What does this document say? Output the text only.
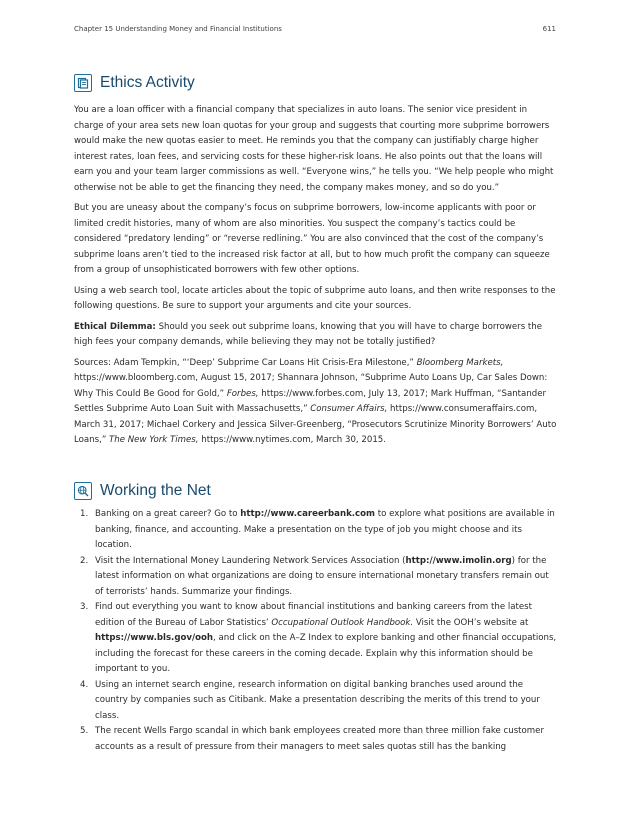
Chapter 15 Understanding Money and Financial Institutions	611
Ethics Activity

You are a loan officer with a financial company that specializes in auto loans. The senior vice president in charge of your area sets new loan quotas for your group and suggests that courting more subprime borrowers would make the new quotas easier to meet. He reminds you that the company can justifiably charge higher interest rates, loan fees, and servicing costs for these higher-risk loans. He also points out that the loans will earn you and your team larger commissions as well. “Everyone wins,” he tells you. “We help people who might otherwise not be able to get the financing they need, the company makes money, and so do you.”

But you are uneasy about the company’s focus on subprime borrowers, low-income applicants with poor or limited credit histories, many of whom are also minorities. You suspect the company’s tactics could be considered “predatory lending” or “reverse redlining.” You are also convinced that the cost of the company’s subprime loans aren’t tied to the increased risk factor at all, but to how much profit the company can squeeze from a group of unsophisticated borrowers with few other options.

Using a web search tool, locate articles about the topic of subprime auto loans, and then write responses to the following questions. Be sure to support your arguments and cite your sources.

Ethical Dilemma: Should you seek out subprime loans, knowing that you will have to charge borrowers the high fees your company demands, while believing they may not be totally justified?

Sources: Adam Tempkin, “‘Deep’ Subprime Car Loans Hit Crisis-Era Milestone,” Bloomberg Markets, https://www.bloomberg.com, August 15, 2017; Shannara Johnson, “Subprime Auto Loans Up, Car Sales Down: Why This Could Be Good for Gold,” Forbes, https://www.forbes.com, July 13, 2017; Mark Huffman, “Santander Settles Subprime Auto Loan Suit with Massachusetts,” Consumer Affairs, https://www.consumeraffairs.com, March 31, 2017; Michael Corkery and Jessica Silver-Greenberg, “Prosecutors Scrutinize Minority Borrowers’ Auto Loans,” The New York Times, https://www.nytimes.com, March 30, 2015.

Working the Net
1. Banking on a great career? Go to http://www.careerbank.com to explore what positions are available in banking, finance, and accounting. Make a presentation on the type of job you might choose and its location.
2. Visit the International Money Laundering Network Services Association (http://www.imolin.org) for the latest information on what organizations are doing to ensure international monetary transfers remain out of terrorists’ hands. Summarize your findings.
3. Find out everything you want to know about financial institutions and banking careers from the latest edition of the Bureau of Labor Statistics’ Occupational Outlook Handbook. Visit the OOH’s website at https://www.bls.gov/ooh, and click on the A–Z Index to explore banking and other financial occupations, including the forecast for these careers in the coming decade. Explain why this information should be important to you.
4. Using an internet search engine, research information on digital banking branches used around the country by companies such as Citibank. Make a presentation describing the merits of this trend to your class.
5. The recent Wells Fargo scandal in which bank employees created more than three million fake customer accounts as a result of pressure from their managers to meet sales quotas still has the banking
